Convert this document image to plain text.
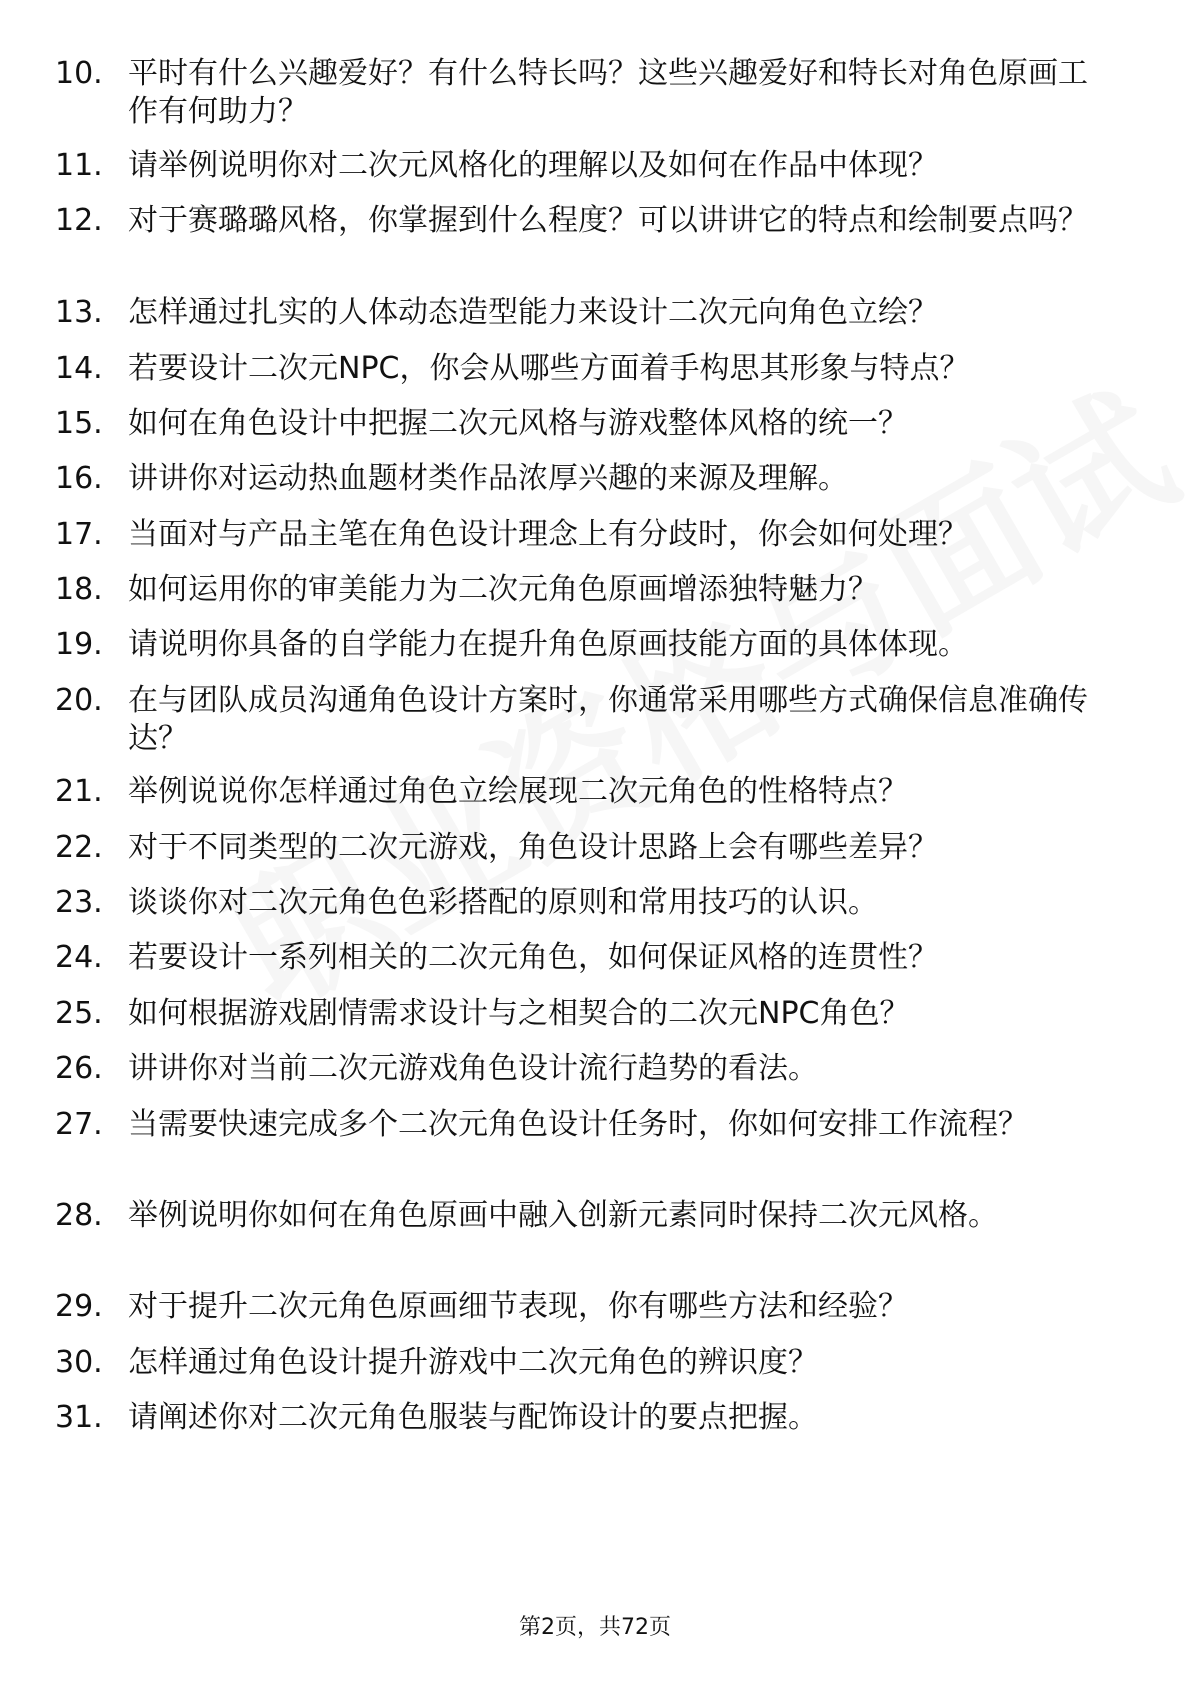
10. 平时有什么兴趣爱好？有什么特长吗？这些兴趣爱好和特长对角色原画工作有何助力？
11. 请举例说明你对二次元风格化的理解以及如何在作品中体现？
12. 对于赛璐璐风格，你掌握到什么程度？可以讲讲它的特点和绘制要点吗？
13. 怎样通过扎实的人体动态造型能力来设计二次元向角色立绘？
14. 若要设计二次元NPC，你会从哪些方面着手构思其形象与特点？
15. 如何在角色设计中把握二次元风格与游戏整体风格的统一？
16. 讲讲你对运动热血题材类作品浓厚兴趣的来源及理解。
17. 当面对与产品主笔在角色设计理念上有分歧时，你会如何处理？
18. 如何运用你的审美能力为二次元角色原画增添独特魅力？
19. 请说明你具备的自学能力在提升角色原画技能方面的具体体现。
20. 在与团队成员沟通角色设计方案时，你通常采用哪些方式确保信息准确传达？
21. 举例说说你怎样通过角色立绘展现二次元角色的性格特点？
22. 对于不同类型的二次元游戏，角色设计思路上会有哪些差异？
23. 谈谈你对二次元角色色彩搭配的原则和常用技巧的认识。
24. 若要设计一系列相关的二次元角色，如何保证风格的连贯性？
25. 如何根据游戏剧情需求设计与之相契合的二次元NPC角色？
26. 讲讲你对当前二次元游戏角色设计流行趋势的看法。
27. 当需要快速完成多个二次元角色设计任务时，你如何安排工作流程？
28. 举例说明你如何在角色原画中融入创新元素同时保持二次元风格。
29. 对于提升二次元角色原画细节表现，你有哪些方法和经验？
30. 怎样通过角色设计提升游戏中二次元角色的辨识度？
31. 请阐述你对二次元角色服装与配饰设计的要点把握。
第2页，共72页
